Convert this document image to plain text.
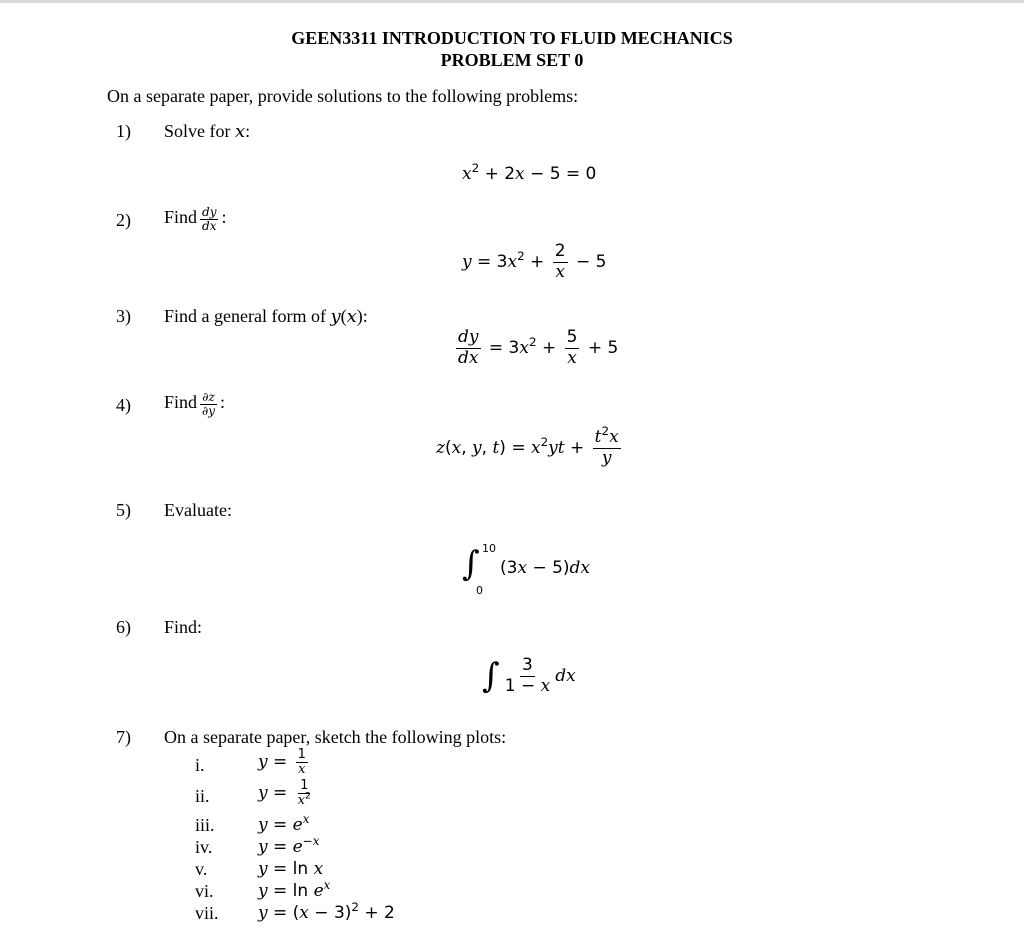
GEEN3311 INTRODUCTION TO FLUID MECHANICS
PROBLEM SET 0
On a separate paper, provide solutions to the following problems:
1) Solve for x:
$x^2 + 2x - 5 = 0$
2) Find $\frac{dy}{dx}$ :
$y = 3x^2 + \frac{2}{x} - 5$
3) Find a general form of y(x):
$\frac{dy}{dx} = 3x^2 + \frac{5}{x} + 5$
4) Find $\frac{\partial z}{\partial y}$ :
z(x, y, $t) = x^2yt + \frac{t^2x}{y}$
5) Evaluate:
∫ 10
0
(3x − 5)dx
6) Find:
∫ $\frac{3}{1 - x}$ dx
7) On a separate paper, sketch the following plots:
i.	$y = \frac{1}{x}$
ii.	$y = \frac{1}{x^2}$
iii.	$y = e^x$
iv.	$y = e^{-x}$
v.	y = ln x
vi.	$y = \ln e^x$
vii. $y = (x - 3)^2 + 2$
